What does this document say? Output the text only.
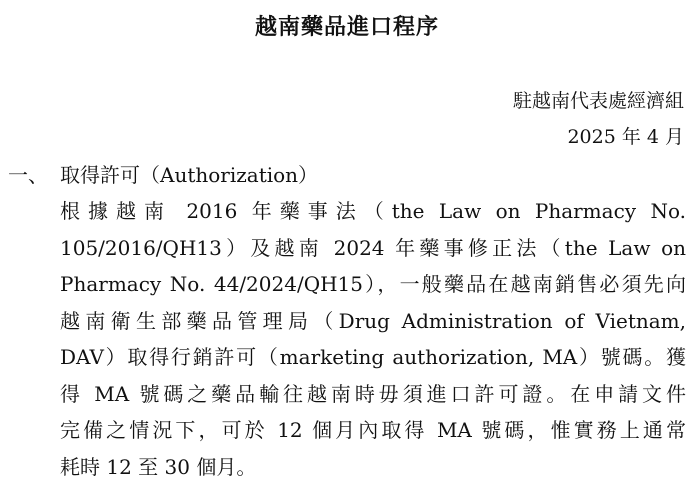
越南藥品進口程序
駐越南代表處經濟組
2025 年 4 月
一、 取得許可（Authorization）
根據越南 2016 年藥事法（the Law on Pharmacy No.
105/2016/QH13）及越南 2024 年藥事修正法（the Law on
Pharmacy No. 44/2024/QH15），一般藥品在越南銷售必須先向
越南衛生部藥品管理局（Drug Administration of Vietnam,
DAV）取得行銷許可（marketing authorization, MA）號碼。獲
得 MA 號碼之藥品輸往越南時毋須進口許可證。在申請文件
完備之情況下，可於 12 個月內取得 MA 號碼，惟實務上通常
耗時 12 至 30 個月。
